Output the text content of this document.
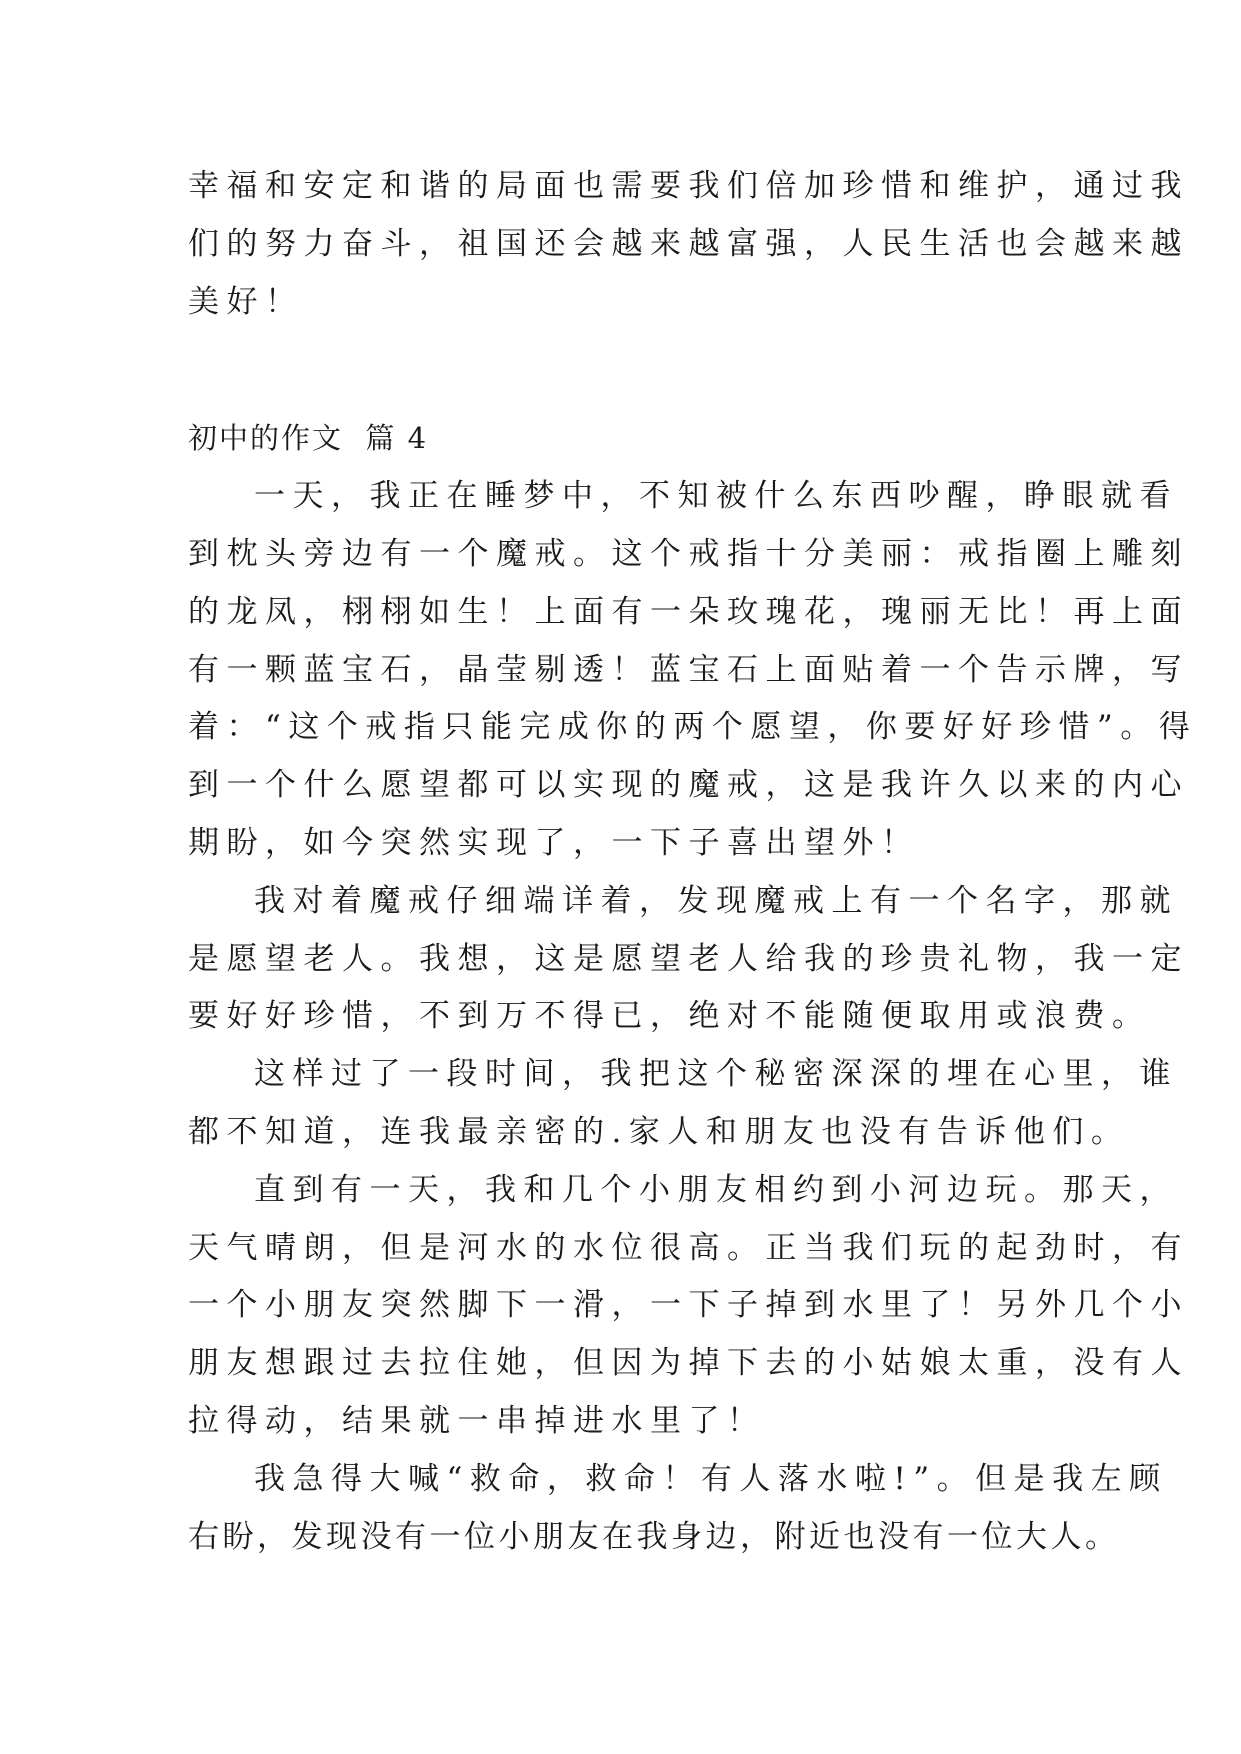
幸福和安定和谐的局面也需要我们倍加珍惜和维护，通过我
们的努力奋斗，祖国还会越来越富强，人民生活也会越来越
美好！

初中的作文  篇 4

一天，我正在睡梦中，不知被什么东西吵醒，睁眼就看
到枕头旁边有一个魔戒。这个戒指十分美丽：戒指圈上雕刻
的龙凤，栩栩如生！上面有一朵玫瑰花，瑰丽无比！再上面
有一颗蓝宝石，晶莹剔透！蓝宝石上面贴着一个告示牌，写
着：“这个戒指只能完成你的两个愿望，你要好好珍惜”。得
到一个什么愿望都可以实现的魔戒，这是我许久以来的内心
期盼，如今突然实现了，一下子喜出望外！

我对着魔戒仔细端详着，发现魔戒上有一个名字，那就
是愿望老人。我想，这是愿望老人给我的珍贵礼物，我一定
要好好珍惜，不到万不得已，绝对不能随便取用或浪费。

这样过了一段时间，我把这个秘密深深的埋在心里，谁
都不知道，连我最亲密的.家人和朋友也没有告诉他们。

直到有一天，我和几个小朋友相约到小河边玩。那天，
天气晴朗，但是河水的水位很高。正当我们玩的起劲时，有
一个小朋友突然脚下一滑，一下子掉到水里了！另外几个小
朋友想跟过去拉住她，但因为掉下去的小姑娘太重，没有人
拉得动，结果就一串掉进水里了！

我急得大喊“救命，救命！有人落水啦!”。但是我左顾
右盼，发现没有一位小朋友在我身边，附近也没有一位大人。
